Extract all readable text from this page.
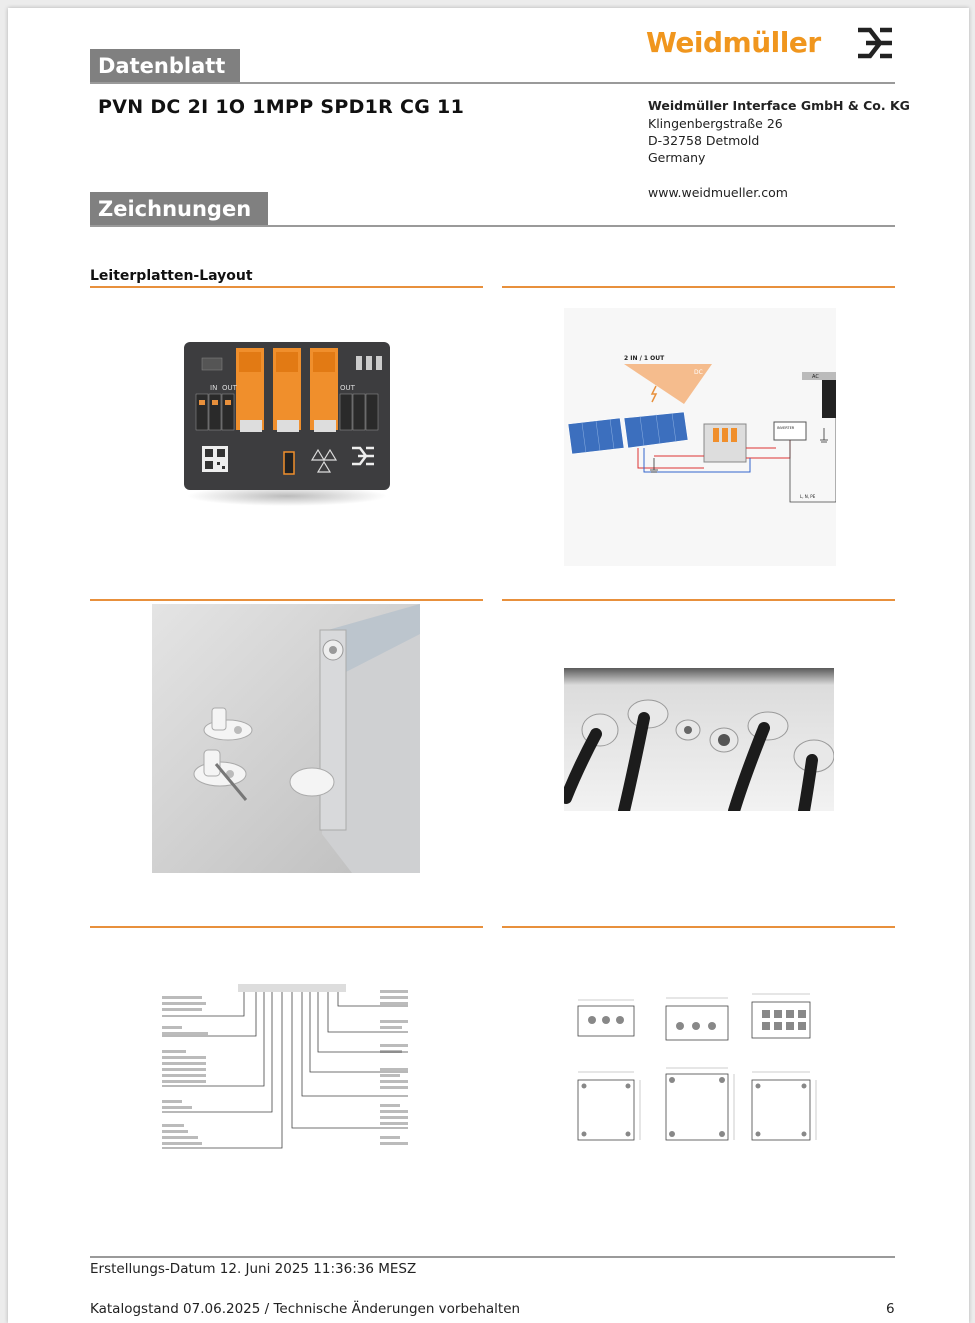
Datenblatt
Weidmüller
PVN DC 2I 1O 1MPP SPD1R CG 11	Weidmüller Interface GmbH & Co. KG
Klingenbergstraße 26
D-32758 Detmold
Germany
www.weidmueller.com
Zeichnungen
Leiterplatten-Layout
IN OUT	OUT
2 IN / 1 OUT
DC
INVERTER
AC
L, N, PE
Erstellungs-Datum 12. Juni 2025 11:36:36 MESZ
Katalogstand 07.06.2025 / Technische Änderungen vorbehalten	6
